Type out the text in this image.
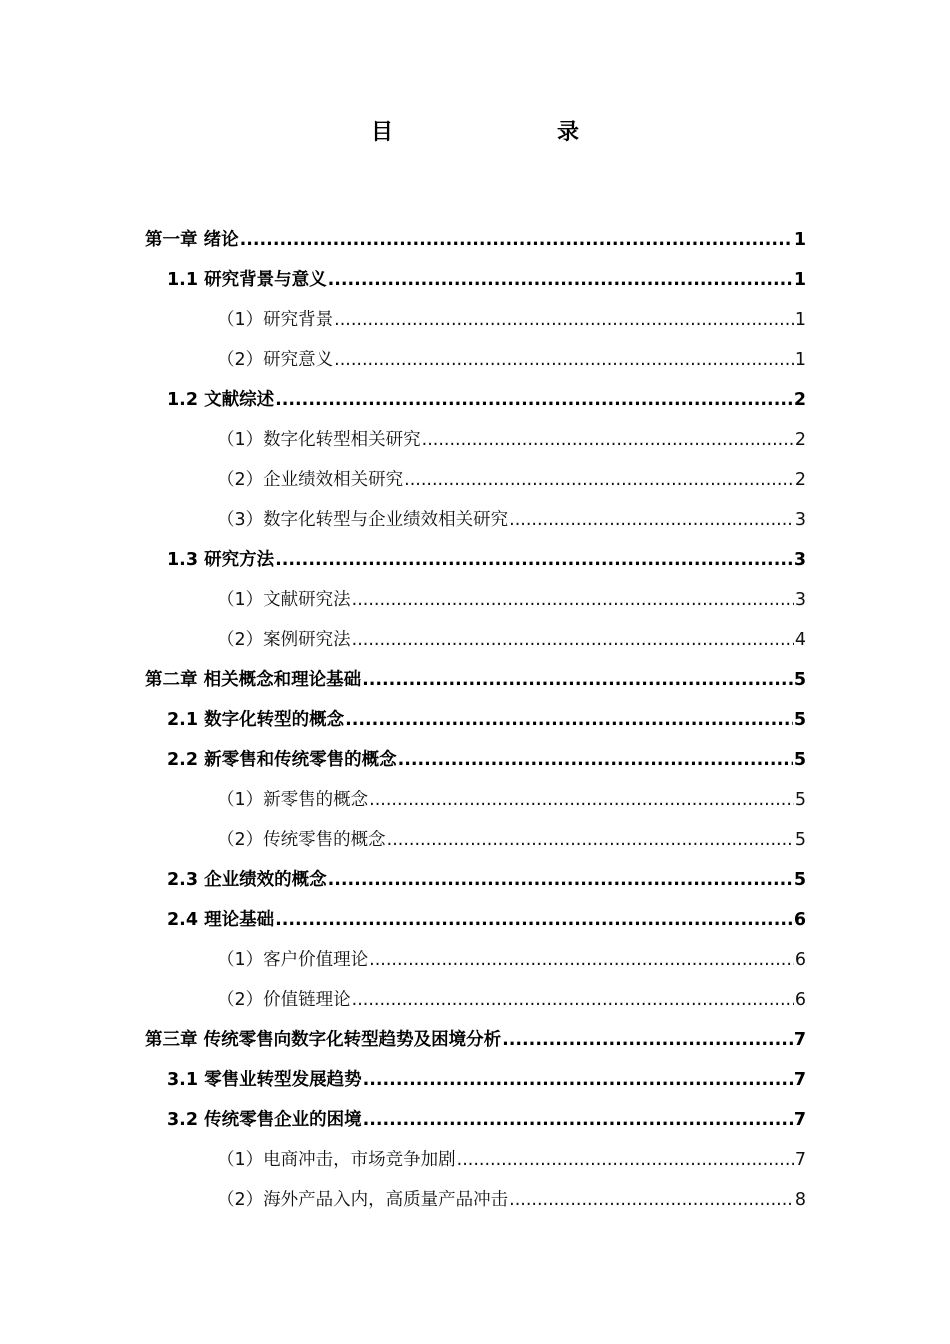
目　　录
第一章 绪论 .....	1
1.1 研究背景与意义 .....	1
（1）研究背景 .....	1
（2）研究意义 .....	1
1.2 文献综述 .....	2
（1）数字化转型相关研究 .....	2
（2）企业绩效相关研究 .....	2
（3）数字化转型与企业绩效相关研究 .....	3
1.3 研究方法 .....	3
（1）文献研究法 .....	3
（2）案例研究法 .....	4
第二章 相关概念和理论基础 .....	5
2.1 数字化转型的概念 .....	5
2.2 新零售和传统零售的概念 .....	5
（1）新零售的概念 .....	5
（2）传统零售的概念 .....	5
2.3 企业绩效的概念 .....	5
2.4 理论基础 .....	6
（1）客户价值理论 .....	6
（2）价值链理论 .....	6
第三章 传统零售向数字化转型趋势及困境分析 .....	7
3.1 零售业转型发展趋势 .....	7
3.2 传统零售企业的困境 .....	7
（1）电商冲击，市场竞争加剧 .....	7
（2）海外产品入内，高质量产品冲击 .....	8
